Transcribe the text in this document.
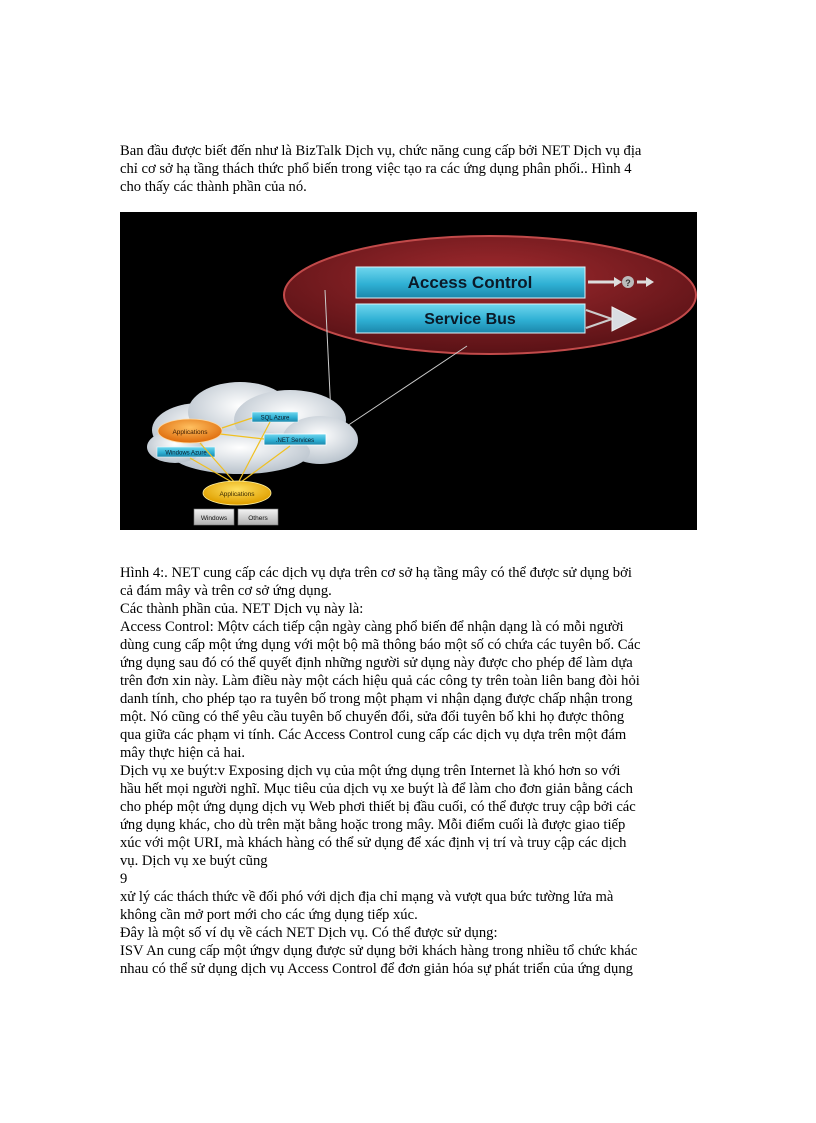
Ban đầu được biết đến như là BizTalk Dịch vụ, chức năng cung cấp bởi NET Dịch vụ địa
chỉ cơ sở hạ tầng thách thức phổ biến trong việc tạo ra các ứng dụng phân phối.. Hình 4
cho thấy các thành phần của nó.
Access Control	?
Service Bus
Applications
SQL Azure
.NET Services
Windows Azure
Applications
Windows	Others
Hình 4:. NET cung cấp các dịch vụ dựa trên cơ sở hạ tầng mây có thể được sử dụng bởi
cả đám mây và trên cơ sở ứng dụng.
Các thành phần của. NET Dịch vụ này là:
Access Control: Mộtv cách tiếp cận ngày càng phổ biến để nhận dạng là có mỗi người
dùng cung cấp một ứng dụng với một bộ mã thông báo một số có chứa các tuyên bố. Các
ứng dụng sau đó có thể quyết định những người sử dụng này được cho phép để làm dựa
trên đơn xin này. Làm điều này một cách hiệu quả các công ty trên toàn liên bang đòi hỏi
danh tính, cho phép tạo ra tuyên bố trong một phạm vi nhận dạng được chấp nhận trong
một. Nó cũng có thể yêu cầu tuyên bố chuyển đổi, sửa đổi tuyên bố khi họ được thông
qua giữa các phạm vi tính. Các Access Control cung cấp các dịch vụ dựa trên một đám
mây thực hiện cả hai.
Dịch vụ xe buýt:v Exposing dịch vụ của một ứng dụng trên Internet là khó hơn so với
hầu hết mọi người nghĩ. Mục tiêu của dịch vụ xe buýt là để làm cho đơn giản bằng cách
cho phép một ứng dụng dịch vụ Web phơi thiết bị đầu cuối, có thể được truy cập bởi các
ứng dụng khác, cho dù trên mặt bằng hoặc trong mây. Mỗi điểm cuối là được giao tiếp
xúc với một URI, mà khách hàng có thể sử dụng để xác định vị trí và truy cập các dịch
vụ. Dịch vụ xe buýt cũng
9
xử lý các thách thức về đối phó với dịch địa chỉ mạng và vượt qua bức tường lửa mà
không cần mở port mới cho các ứng dụng tiếp xúc.
Đây là một số ví dụ về cách NET Dịch vụ. Có thể được sử dụng:
ISV An cung cấp một ứngv dụng được sử dụng bởi khách hàng trong nhiều tổ chức khác
nhau có thể sử dụng dịch vụ Access Control để đơn giản hóa sự phát triển của ứng dụng
